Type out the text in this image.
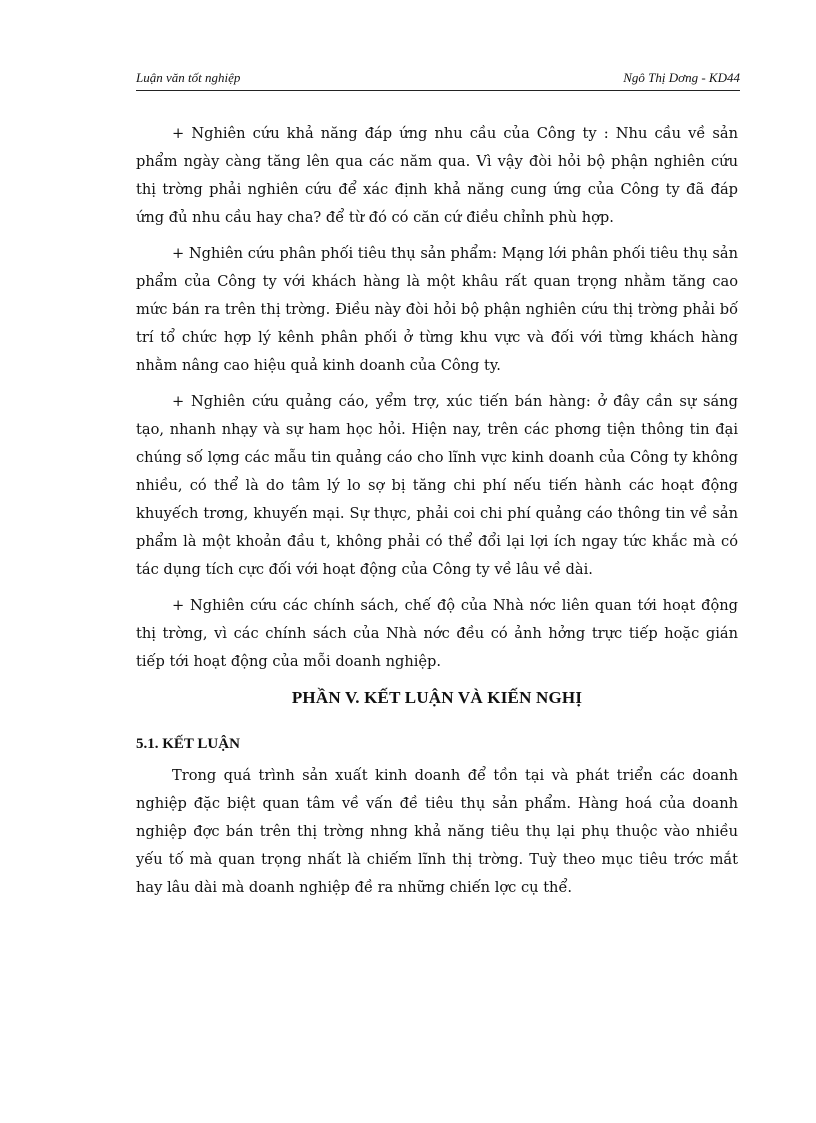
Luận văn tốt nghiệp	Ngô Thị Dơng - KD44

+ Nghiên cứu khả năng đáp ứng nhu cầu của Công ty : Nhu cầu về sản phẩm ngày càng tăng lên qua các năm qua. Vì vậy đòi hỏi bộ phận nghiên cứu thị trờng phải nghiên cứu để xác định khả năng cung ứng của Công ty đã đáp ứng đủ nhu cầu hay cha? để từ đó có căn cứ điều chỉnh phù hợp.

+ Nghiên cứu phân phối tiêu thụ sản phẩm: Mạng lới phân phối tiêu thụ sản phẩm của Công ty với khách hàng là một khâu rất quan trọng nhằm tăng cao mức bán ra trên thị trờng. Điều này đòi hỏi bộ phận nghiên cứu thị trờng phải bố trí tổ chức hợp lý kênh phân phối ở từng khu vực và đối với từng khách hàng nhằm nâng cao hiệu quả kinh doanh của Công ty.

+ Nghiên cứu quảng cáo, yểm trợ, xúc tiến bán hàng: ở đây cần sự sáng tạo, nhanh nhạy và sự ham học hỏi. Hiện nay, trên các phơng tiện thông tin đại chúng số lợng các mẫu tin quảng cáo cho lĩnh vực kinh doanh của Công ty không nhiều, có thể là do tâm lý lo sợ bị tăng chi phí nếu tiến hành các hoạt động khuyếch trơng, khuyến mại. Sự thực, phải coi chi phí quảng cáo thông tin về sản phẩm là một khoản đầu t, không phải có thể đổi lại lợi ích ngay tức khắc mà có tác dụng tích cực đối với hoạt động của Công ty về lâu về dài.

+ Nghiên cứu các chính sách, chế độ của Nhà nớc liên quan tới hoạt động thị trờng, vì các chính sách của Nhà nớc đều có ảnh hởng trực tiếp hoặc gián tiếp tới hoạt động của mỗi doanh nghiệp.

PHẦN V. KẾT LUẬN VÀ KIẾN NGHỊ
5.1. KẾT LUẬN

Trong quá trình sản xuất kinh doanh để tồn tại và phát triển các doanh nghiệp đặc biệt quan tâm về vấn đề tiêu thụ sản phẩm. Hàng hoá của doanh nghiệp đợc bán trên thị trờng nhng khả năng tiêu thụ lại phụ thuộc vào nhiều yếu tố mà quan trọng nhất là chiếm lĩnh thị trờng. Tuỳ theo mục tiêu trớc mắt hay lâu dài mà doanh nghiệp đề ra những chiến lợc cụ thể.
